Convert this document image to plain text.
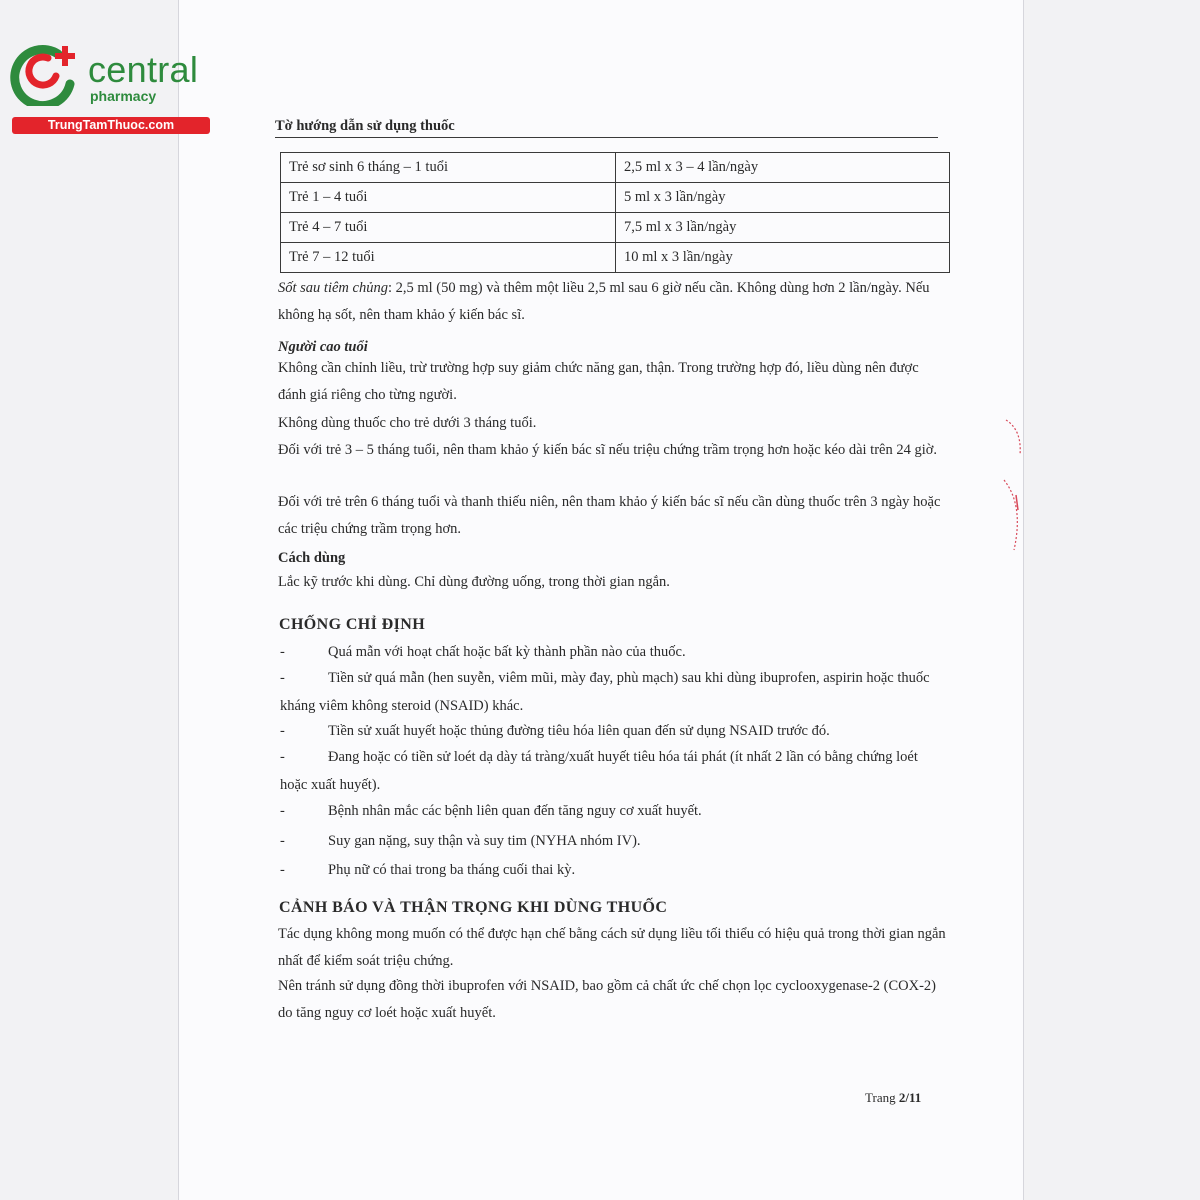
central

pharmacy

TrungTamThuoc.com	Tờ hướng dẫn sử dụng thuốc
Trẻ sơ sinh 6 tháng – 1 tuổi	2,5 ml x 3 – 4 lần/ngày
Trẻ 1 – 4 tuổi	5 ml x 3 lần/ngày
Trẻ 4 – 7 tuổi	7,5 ml x 3 lần/ngày
Trẻ 7 – 12 tuổi	10 ml x 3 lần/ngày

Sốt sau tiêm chủng: 2,5 ml (50 mg) và thêm một liều 2,5 ml sau 6 giờ nếu cần. Không dùng hơn 2 lần/ngày. Nếu không hạ sốt, nên tham khảo ý kiến bác sĩ.

Người cao tuổi

Không cần chỉnh liều, trừ trường hợp suy giảm chức năng gan, thận. Trong trường hợp đó, liều dùng nên được đánh giá riêng cho từng người.

Không dùng thuốc cho trẻ dưới 3 tháng tuổi.

Đối với trẻ 3 – 5 tháng tuổi, nên tham khảo ý kiến bác sĩ nếu triệu chứng trầm trọng hơn hoặc kéo dài trên 24 giờ.

Đối với trẻ trên 6 tháng tuổi và thanh thiếu niên, nên tham khảo ý kiến bác sĩ nếu cần dùng thuốc trên 3 ngày hoặc các triệu chứng trầm trọng hơn.

Cách dùng

Lắc kỹ trước khi dùng. Chỉ dùng đường uống, trong thời gian ngắn.

CHỐNG CHỈ ĐỊNH

-	Quá mẫn với hoạt chất hoặc bất kỳ thành phần nào của thuốc.
-	Tiền sử quá mẫn (hen suyễn, viêm mũi, mày đay, phù mạch) sau khi dùng ibuprofen, aspirin hoặc thuốc kháng viêm không steroid (NSAID) khác.
-	Tiền sử xuất huyết hoặc thủng đường tiêu hóa liên quan đến sử dụng NSAID trước đó.
-	Đang hoặc có tiền sử loét dạ dày tá tràng/xuất huyết tiêu hóa tái phát (ít nhất 2 lần có bằng chứng loét hoặc xuất huyết).
-	Bệnh nhân mắc các bệnh liên quan đến tăng nguy cơ xuất huyết.
-	Suy gan nặng, suy thận và suy tim (NYHA nhóm IV).
-	Phụ nữ có thai trong ba tháng cuối thai kỳ.

CẢNH BÁO VÀ THẬN TRỌNG KHI DÙNG THUỐC

Tác dụng không mong muốn có thể được hạn chế bằng cách sử dụng liều tối thiểu có hiệu quả trong thời gian ngắn nhất để kiểm soát triệu chứng.

Nên tránh sử dụng đồng thời ibuprofen với NSAID, bao gồm cả chất ức chế chọn lọc cyclooxygenase-2 (COX-2) do tăng nguy cơ loét hoặc xuất huyết.

Trang 2/11
